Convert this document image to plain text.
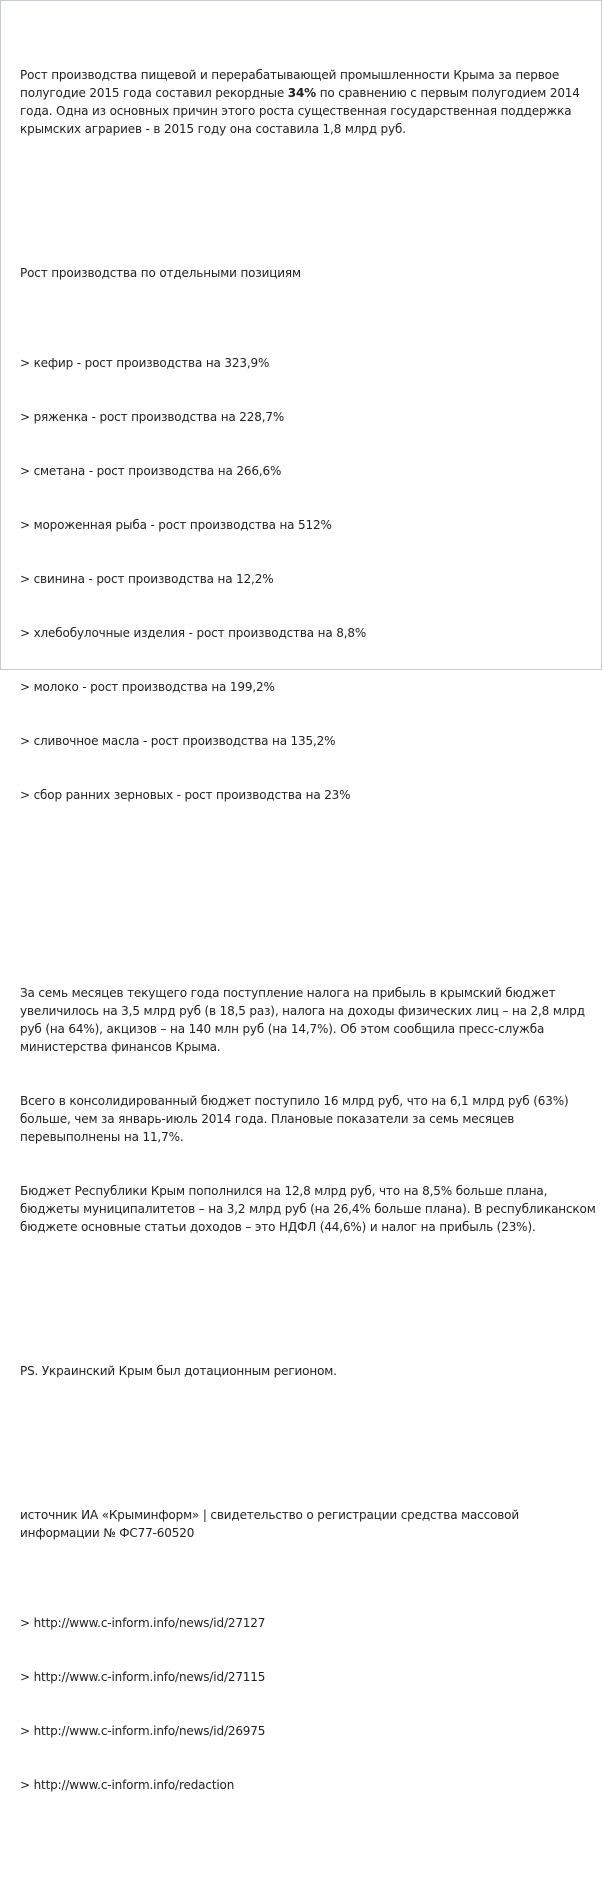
Рост производства пищевой и перерабатывающей промышленности Крыма за первое полугодие 2015 года составил рекордные 34% по сравнению с первым полугодием 2014 года. Одна из основных причин этого роста существенная государственная поддержка крымских аграриев - в 2015 году она составила 1,8 млрд руб.

Рост производства по отдельными позициям

> кефир - рост производства на 323,9%

> ряженка - рост производства на 228,7%

> сметана - рост производства на 266,6%

> мороженная рыба - рост производства на 512%

> свинина - рост производства на 12,2%

> хлебобулочные изделия - рост производства на 8,8%

> молоко - рост производства на 199,2%

> сливочное масла - рост производства на 135,2%

> сбор ранних зерновых - рост производства на 23%

За семь месяцев текущего года поступление налога на прибыль в крымский бюджет увеличилось на 3,5 млрд руб (в 18,5 раз), налога на доходы физических лиц – на 2,8 млрд руб (на 64%), акцизов – на 140 млн руб (на 14,7%). Об этом сообщила пресс-служба министерства финансов Крыма.

Всего в консолидированный бюджет поступило 16 млрд руб, что на 6,1 млрд руб (63%) больше, чем за январь-июль 2014 года. Плановые показатели за семь месяцев перевыполнены на 11,7%.

Бюджет Республики Крым пополнился на 12,8 млрд руб, что на 8,5% больше плана, бюджеты муниципалитетов – на 3,2 млрд руб (на 26,4% больше плана). В республиканском бюджете основные статьи доходов – это НДФЛ (44,6%) и налог на прибыль (23%).

PS. Украинский Крым был дотационным регионом.

источник ИА «Крыминформ» | свидетельство о регистрации средства массовой информации № ФС77-60520

> http://www.c-inform.info/news/id/27127

> http://www.c-inform.info/news/id/27115

> http://www.c-inform.info/news/id/26975

> http://www.c-inform.info/redaction
